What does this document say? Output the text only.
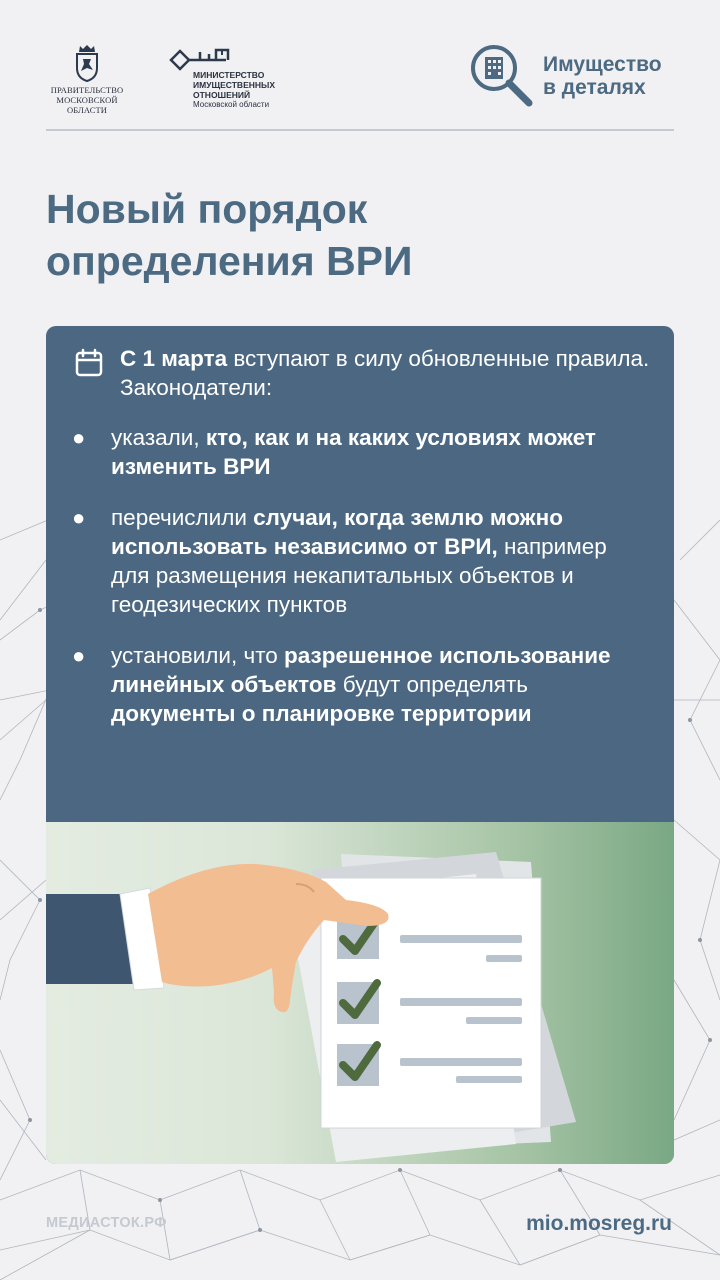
ПРАВИТЕЛЬСТВО
МОСКОВСКОЙ
ОБЛАСТИ
МИНИСТЕРСТВО
ИМУЩЕСТВЕННЫХ
ОТНОШЕНИЙ
Московской области
Имущество
в деталях
Новый порядок
определения ВРИ
С 1 марта вступают в силу обновленные правила. Законодатели:
● указали, кто, как и на каких условиях может изменить ВРИ
● перечислили случаи, когда землю можно использовать независимо от ВРИ, например для размещения некапитальных объектов и геодезических пунктов
● установили, что разрешенное использование линейных объектов будут определять документы о планировке территории
МЕДИАСТОК.РФ	mio.mosreg.ru
